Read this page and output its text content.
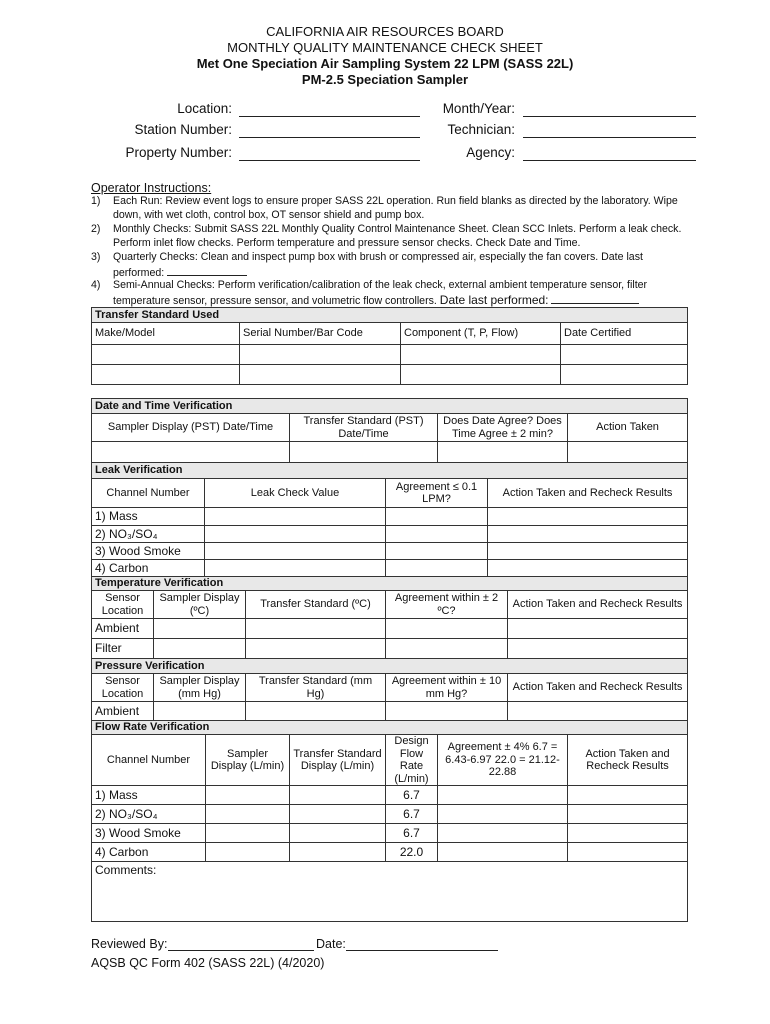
CALIFORNIA AIR RESOURCES BOARD
MONTHLY QUALITY MAINTENANCE CHECK SHEET
Met One Speciation Air Sampling System 22 LPM (SASS 22L)
PM-2.5 Speciation Sampler
Location:
Station Number:
Property Number:
Month/Year:
Technician:
Agency:
Operator Instructions:
1) Each Run: Review event logs to ensure proper SASS 22L operation. Run field blanks as directed by the laboratory. Wipe down, with wet cloth, control box, OT sensor shield and pump box.
2) Monthly Checks: Submit SASS 22L Monthly Quality Control Maintenance Sheet. Clean SCC Inlets. Perform a leak check. Perform inlet flow checks. Perform temperature and pressure sensor checks. Check Date and Time.
3) Quarterly Checks: Clean and inspect pump box with brush or compressed air, especially the fan covers. Date last performed:
4) Semi-Annual Checks: Perform verification/calibration of the leak check, external ambient temperature sensor, filter temperature sensor, pressure sensor, and volumetric flow controllers. Date last performed:
Transfer Standard Used			
Make/Model	Serial Number/Bar Code	Component (T, P, Flow)	Date Certified

Date and Time Verification									
Sampler Display (PST) Date/Time				Transfer Standard (PST) Date/Time		Does Date Agree? Does Time Agree ± 2 min?			Action Taken

Leak Verification									
Channel Number		Leak Check Value			Agreement ≤ 0.1 LPM?		Action Taken and Recheck Results		
1) Mass									
2) NO₃/SO₄									
3) Wood Smoke									
4) Carbon									
Temperature Verification									
Sensor Location	Sampler Display (ºC)		Transfer Standard (ºC)		Agreement within ± 2 ºC?			Action Taken and Recheck Results	
Ambient									
Filter									
Pressure Verification									
Sensor Location	Sampler Display (mm Hg)		Transfer Standard (mm Hg)		Agreement within ± 10 mm Hg?			Action Taken and Recheck Results	
Ambient									
Flow Rate Verification									
Channel Number		Sampler Display (L/min)		Transfer Standard Display (L/min)	Design Flow Rate (L/min)	Agreement ± 4% 6.7 = 6.43-6.97 22.0 = 21.12-22.88			Action Taken and Recheck Results
1) Mass					6.7				
2) NO₃/SO₄					6.7				
3) Wood Smoke					6.7				
4) Carbon					22.0				
Comments:									
Reviewed By:	Date:
AQSB QC Form 402 (SASS 22L) (4/2020)
